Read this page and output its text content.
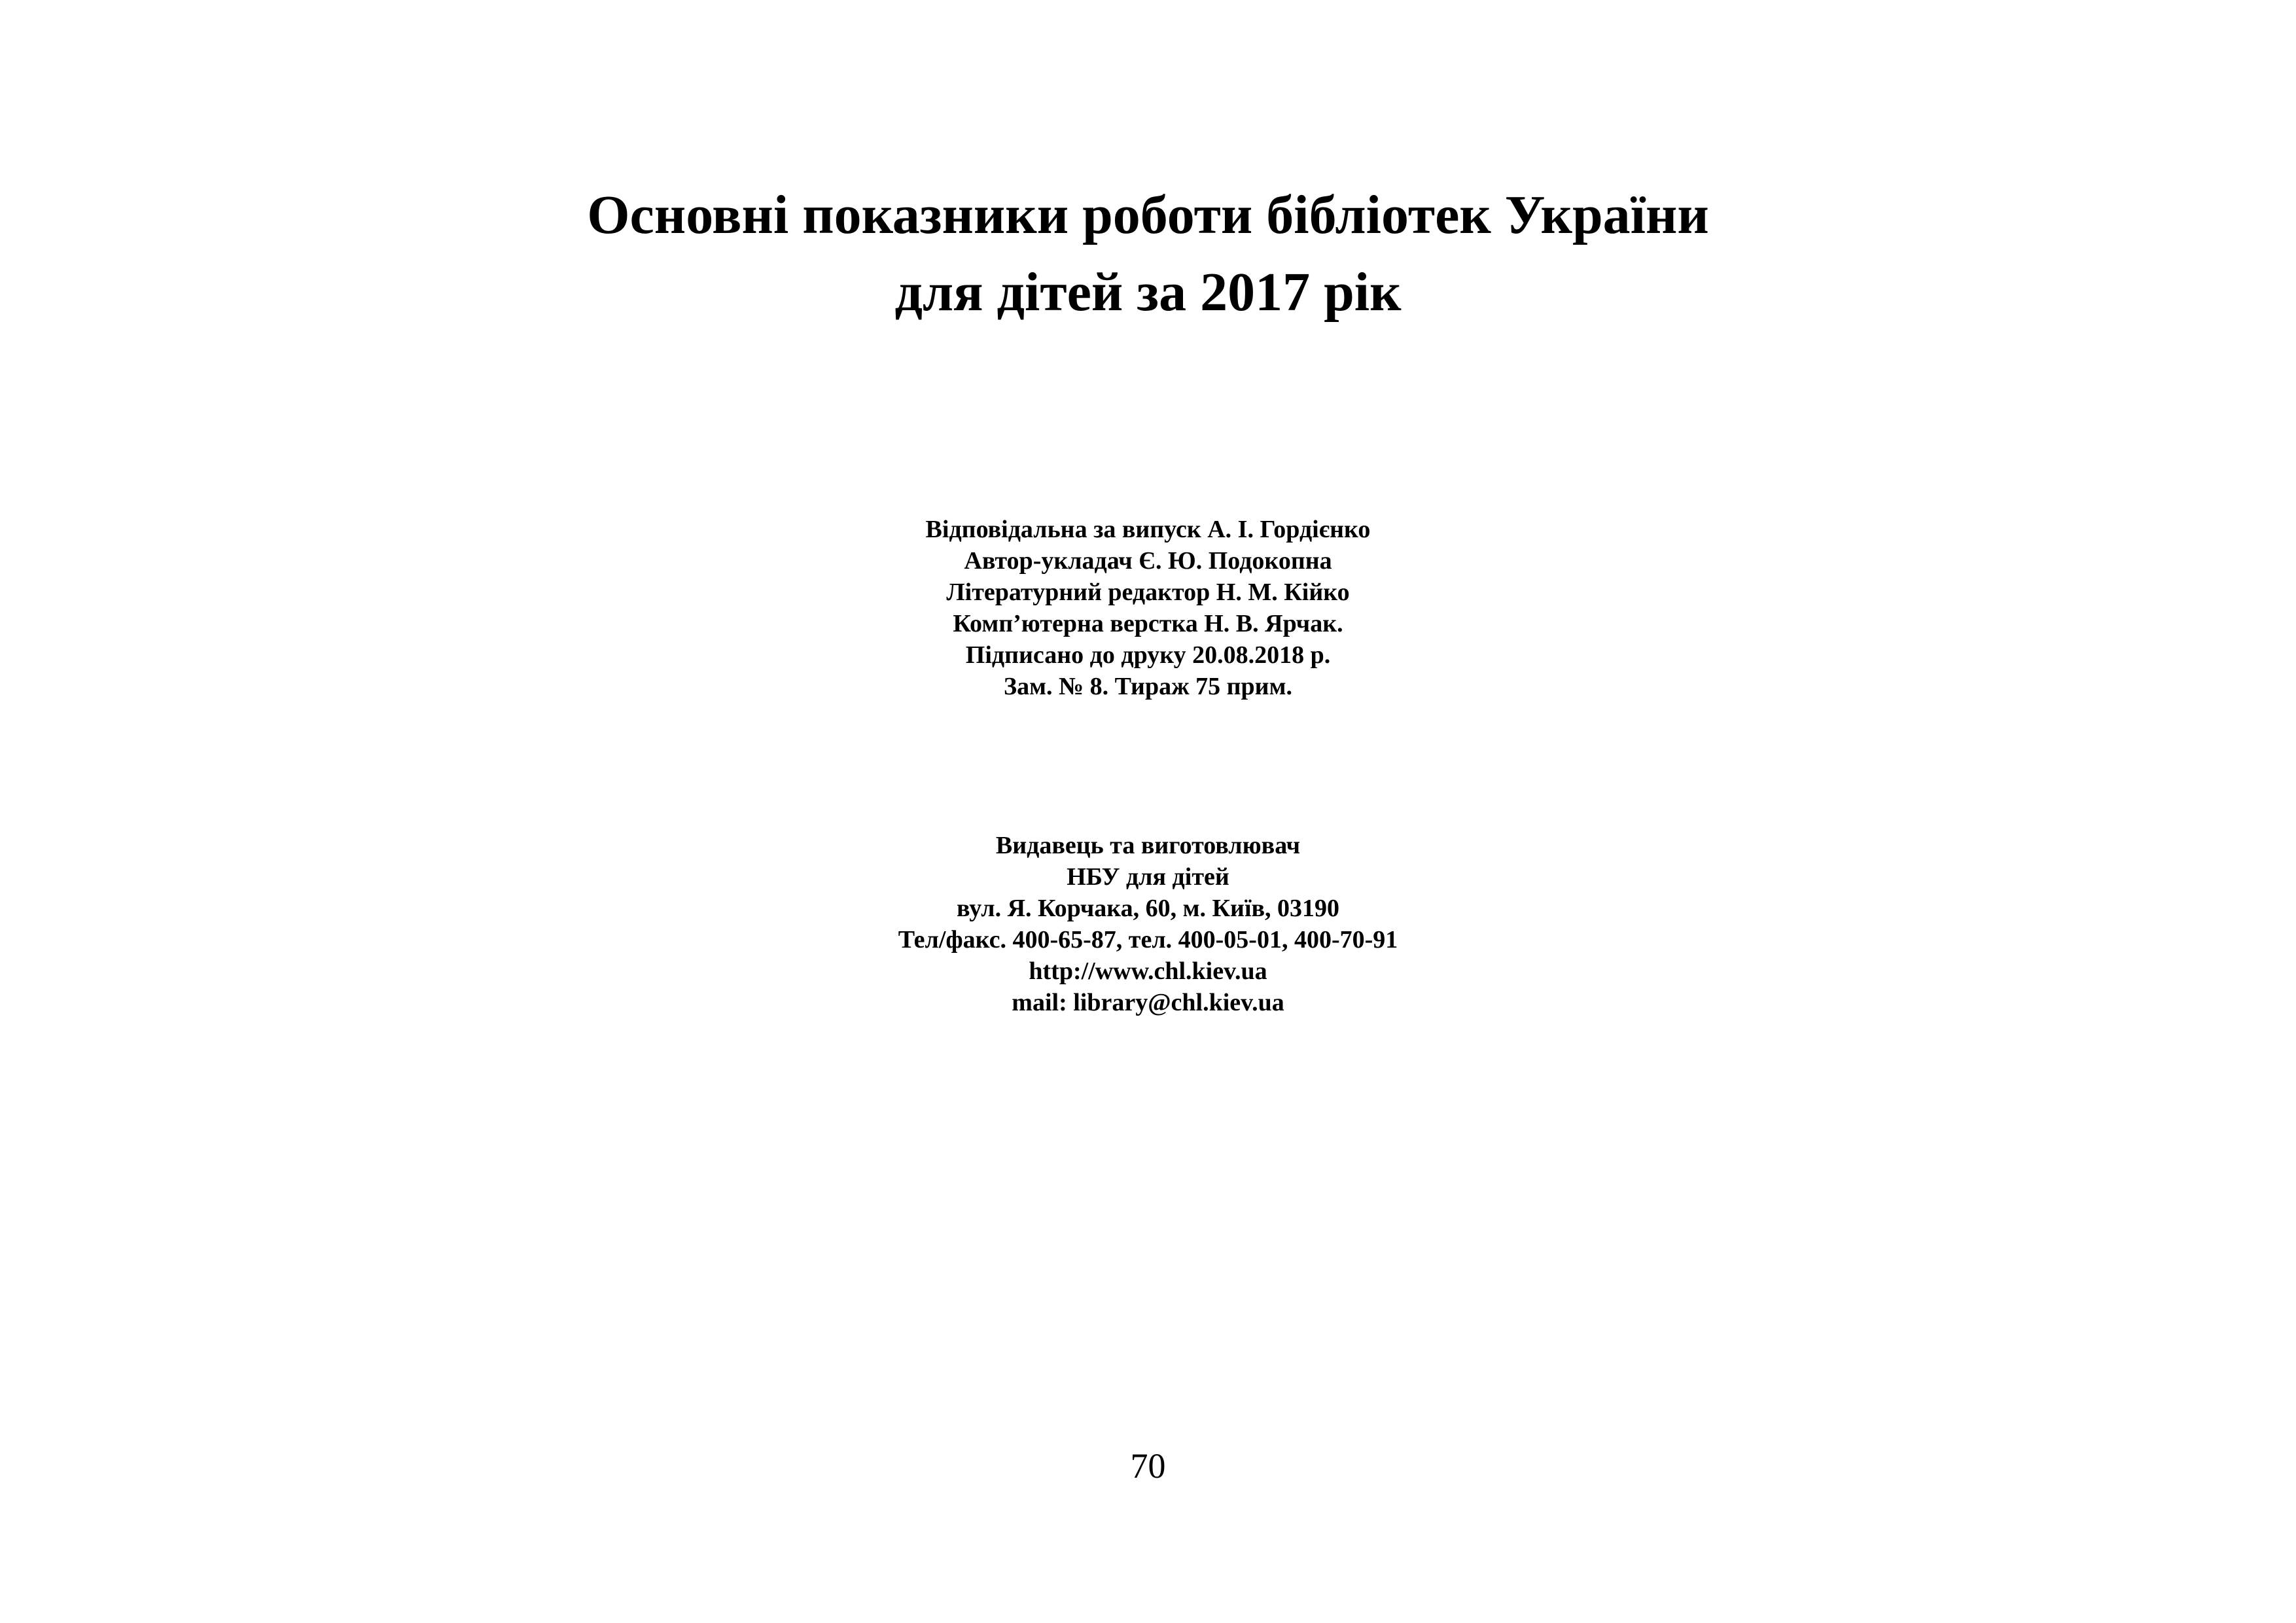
Основні показники роботи бібліотек України
для дітей за 2017 рік
Відповідальна за випуск А. І. Гордієнко
Автор-укладач Є. Ю. Подокопна
Літературний редактор Н. М. Кійко
Комп’ютерна верстка Н. В. Ярчак.
Підписано до друку 20.08.2018 р.
Зам. № 8. Тираж 75 прим.
Видавець та виготовлювач
НБУ для дітей
вул. Я. Корчака, 60, м. Київ, 03190
Тел/факс. 400-65-87, тел. 400-05-01, 400-70-91
http://www.chl.kiev.ua
mail: library@chl.kiev.ua
70
